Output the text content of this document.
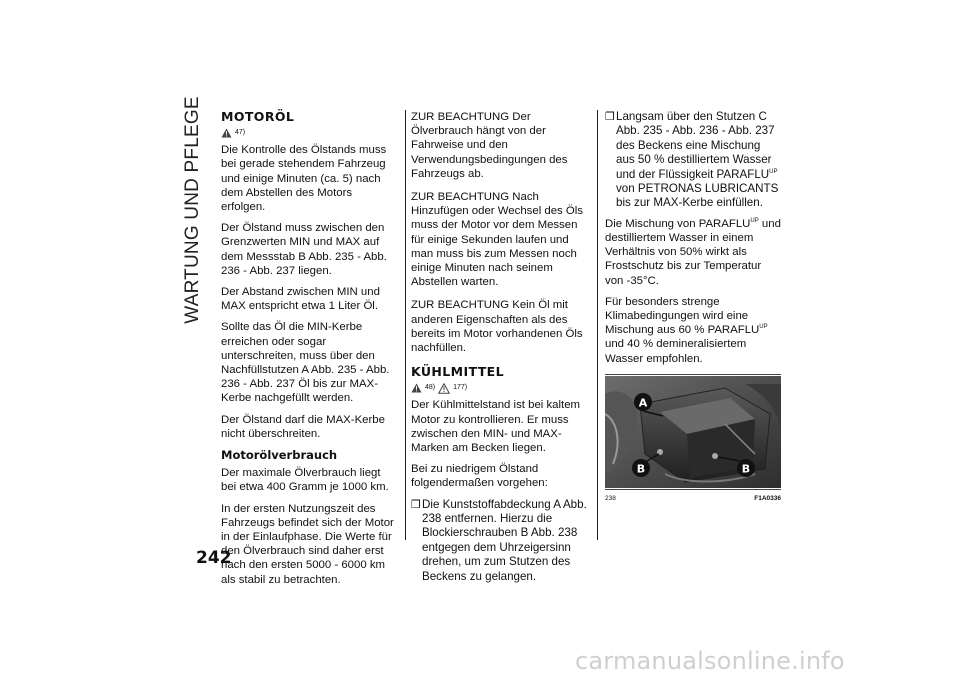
WARTUNG UND PFLEGE MOTORÖL
47)

Die Kontrolle des Ölstands muss bei gerade stehendem Fahrzeug und einige Minuten (ca. 5) nach dem Abstellen des Motors erfolgen.

Der Ölstand muss zwischen den Grenzwerten MIN und MAX auf dem Messstab B Abb. 235 - Abb. 236 - Abb. 237 liegen.

Der Abstand zwischen MIN und MAX entspricht etwa 1 Liter Öl.

Sollte das Öl die MIN-Kerbe erreichen oder sogar unterschreiten, muss über den Nachfüllstutzen A Abb. 235 - Abb. 236 - Abb. 237 Öl bis zur MAX-Kerbe nachgefüllt werden.

Der Ölstand darf die MAX-Kerbe nicht überschreiten.

Motorölverbrauch

Der maximale Ölverbrauch liegt bei etwa 400 Gramm je 1000 km.

In der ersten Nutzungszeit des Fahrzeugs befindet sich der Motor in der Einlaufphase. Die Werte für den Ölverbrauch sind daher erst nach den ersten 5000 - 6000 km als stabil zu betrachten.

ZUR BEACHTUNG Der Ölverbrauch hängt von der Fahrweise und den Verwendungsbedingungen des Fahrzeugs ab.

ZUR BEACHTUNG Nach Hinzufügen oder Wechsel des Öls muss der Motor vor dem Messen für einige Sekunden laufen und man muss bis zum Messen noch einige Minuten nach seinem Abstellen warten.

ZUR BEACHTUNG Kein Öl mit anderen Eigenschaften als des bereits im Motor vorhandenen Öls nachfüllen.

KÜHLMITTEL
48)	177)

Der Kühlmittelstand ist bei kaltem Motor zu kontrollieren. Er muss zwischen den MIN- und MAX-Marken am Becken liegen.

Bei zu niedrigem Ölstand folgendermaßen vorgehen:

❒ Die Kunststoffabdeckung A Abb. 238 entfernen. Hierzu die Blockierschrauben B Abb. 238 entgegen dem Uhrzeigersinn drehen, um zum Stutzen des Beckens zu gelangen.
❒ Langsam über den Stutzen C Abb. 235 - Abb. 236 - Abb. 237 des Beckens eine Mischung aus 50 % destilliertem Wasser und der Flüssigkeit $PARAFLU^{UP}$ von PETRONAS LUBRICANTS bis zur MAX-Kerbe einfüllen.

Die Mischung von $PARAFLU^{UP}$ und destilliertem Wasser in einem Verhältnis von 50% wirkt als Frostschutz bis zur Temperatur von -35°C.

Für besonders strenge Klimabedingungen wird eine Mischung aus 60 % $PARAFLU^{UP}$ und 40 % demineralisiertem Wasser empfohlen.

A
B	B
238	F1A0336
242
carmanualsonline.info
